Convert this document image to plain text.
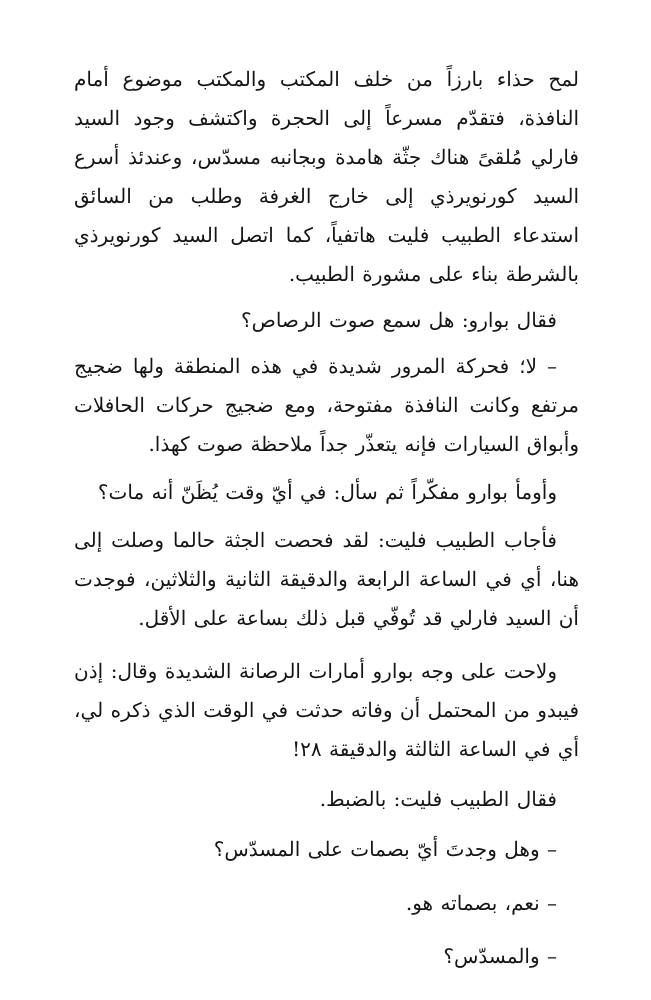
لمح حذاء بارزاً من خلف المكتب والمكتب موضوع أمام النافذة، فتقدّم مسرعاً إلى الحجرة واكتشف وجود السيد فارلي مُلقىً هناك جثّة هامدة وبجانبه مسدّس، وعندئذ أسرع السيد كورنويرذي إلى خارج الغرفة وطلب من السائق استدعاء الطبيب فليت هاتفياً، كما اتصل السيد كورنويرذي بالشرطة بناء على مشورة الطبيب.

فقال بوارو: هل سمع صوت الرصاص؟

– لا؛ فحركة المرور شديدة في هذه المنطقة ولها ضجيج مرتفع وكانت النافذة مفتوحة، ومع ضجيج حركات الحافلات وأبواق السيارات فإنه يتعذّر جداً ملاحظة صوت كهذا.

وأومأ بوارو مفكّراً ثم سأل: في أيّ وقت يُظَنّ أنه مات؟

فأجاب الطبيب فليت: لقد فحصت الجثة حالما وصلت إلى هنا، أي في الساعة الرابعة والدقيقة الثانية والثلاثين، فوجدت أن السيد فارلي قد تُوفّي قبل ذلك بساعة على الأقل.

ولاحت على وجه بوارو أمارات الرصانة الشديدة وقال: إذن فيبدو من المحتمل أن وفاته حدثت في الوقت الذي ذكره لي، أي في الساعة الثالثة والدقيقة ٢٨!

فقال الطبيب فليت: بالضبط.

– وهل وجدتَ أيّ بصمات على المسدّس؟

– نعم، بصماته هو.

– والمسدّس؟
